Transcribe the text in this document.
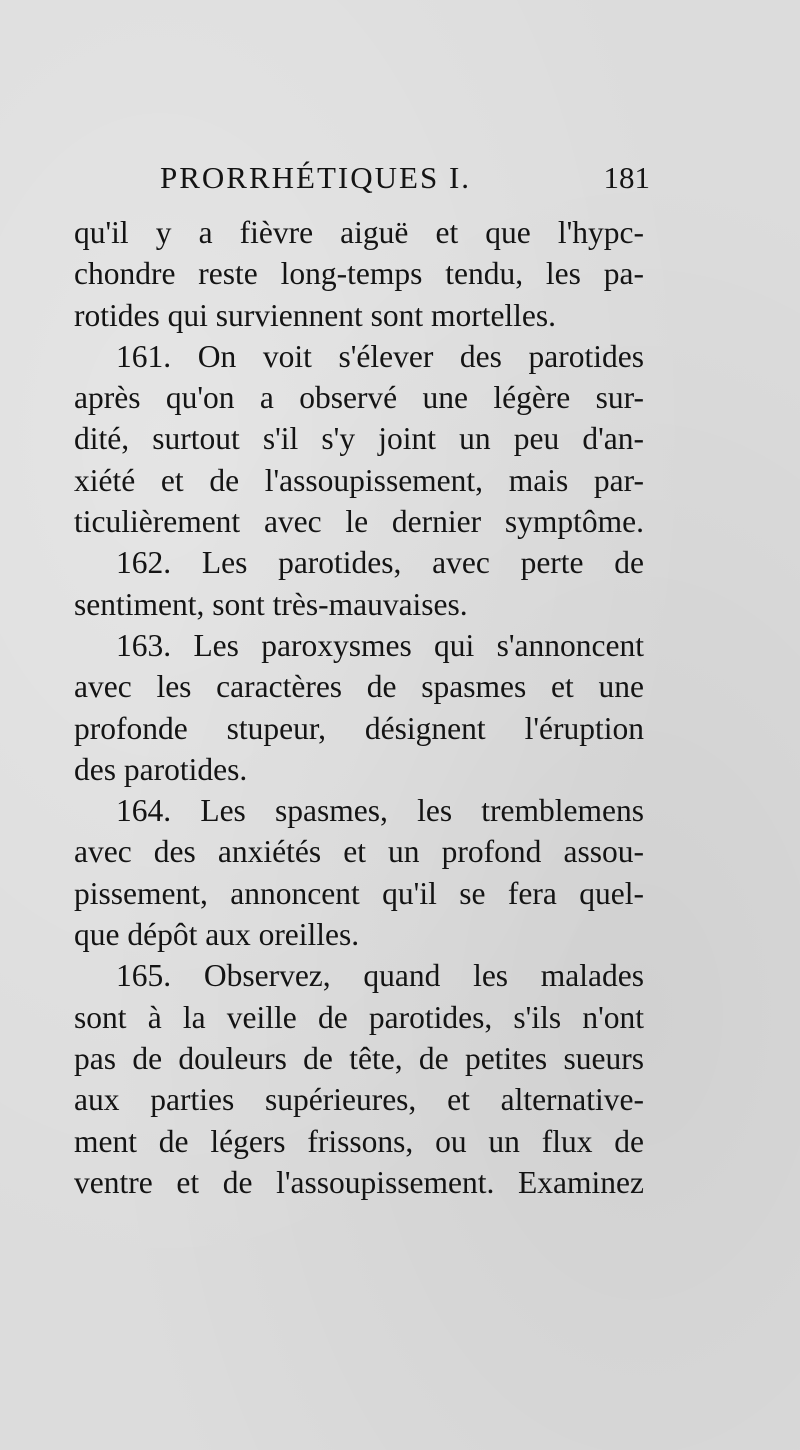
PRORRHÉTIQUES I.	181
qu'il y a fièvre aiguë et que l'hypc-
chondre reste long-temps tendu, les pa-
rotides qui surviennent sont mortelles.
161. On voit s'élever des parotides
après qu'on a observé une légère sur-
dité, surtout s'il s'y joint un peu d'an-
xiété et de l'assoupissement, mais par-
ticulièrement avec le dernier symptôme.
162. Les parotides, avec perte de
sentiment, sont très-mauvaises.
163. Les paroxysmes qui s'annoncent
avec les caractères de spasmes et une
profonde stupeur, désignent l'éruption
des parotides.
164. Les spasmes, les tremblemens
avec des anxiétés et un profond assou-
pissement, annoncent qu'il se fera quel-
que dépôt aux oreilles.
165. Observez, quand les malades
sont à la veille de parotides, s'ils n'ont
pas de douleurs de tête, de petites sueurs
aux parties supérieures, et alternative-
ment de légers frissons, ou un flux de
ventre et de l'assoupissement. Examinez
